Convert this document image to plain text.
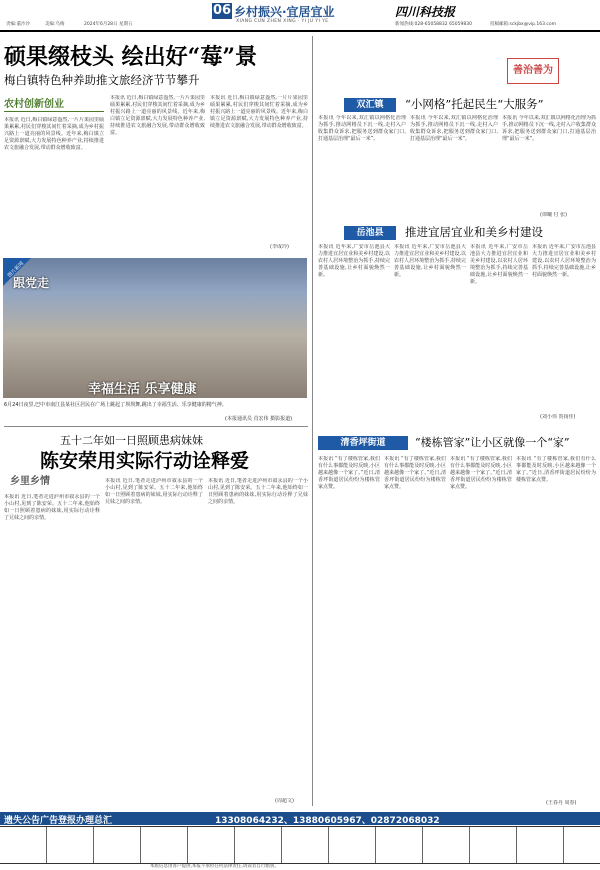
06 乡村振兴·宜居宜业
XIANG CUN ZHEN XING · YI JU YI YE
四川科技报
责编:董沙沙	美编:乌梅	2024年6月28日 星期五	新闻热线:028-65058832 65059830	投稿邮箱:sckjbx@vip.163.com
硕果缀枝头 绘出好“莓”景
梅白镇特色种养助推文旅经济节节攀升
善治善为
农村创新创业
本报讯 近日,梅白镇绿意盎然,一片片果园里硕果累累,村民们穿梭其间忙着采摘,成为乡村振兴路上一道亮丽的风景线。近年来,梅白镇立足资源禀赋,大力发展特色种养产业,持续推进农文旅融合发展,带动群众增收致富。
本报讯 近日,梅白镇绿意盎然,一片片果园里硕果累累,村民们穿梭其间忙着采摘,成为乡村振兴路上一道亮丽的风景线。近年来,梅白镇立足资源禀赋,大力发展特色种养产业,持续推进农文旅融合发展,带动群众增收致富。
本报讯 近日,梅白镇绿意盎然,一片片果园里硕果累累,村民们穿梭其间忙着采摘,成为乡村振兴路上一道亮丽的风景线。近年来,梅白镇立足资源禀赋,大力发展特色种养产业,持续推进农文旅融合发展,带动群众增收致富。
(李成玲)
图片新闻
跟党走
幸福生活 乐享健康
6月24日夜里,巴中市南江县某社区居民在广场上跳起了坝坝舞,跳出了幸福生活、乐享健康的精气神。
(本报通讯员 肖宏伟 摄影报道)
五十二年如一日照顾患病妹妹
陈安荣用实际行动诠释爱
乡里乡情
本报讯 近日,笔者走进泸州市叙永县的一个小山村,见到了陈安荣。五十二年来,他始终如一日照顾着患病的妹妹,用实际行动诠释了兄妹之间的亲情。
本报讯 近日,笔者走进泸州市叙永县的一个小山村,见到了陈安荣。五十二年来,他始终如一日照顾着患病的妹妹,用实际行动诠释了兄妹之间的亲情。
本报讯 近日,笔者走进泸州市叙永县的一个小山村,见到了陈安荣。五十二年来,他始终如一日照顾着患病的妹妹,用实际行动诠释了兄妹之间的亲情。
(周超文)
双汇镇	“小网格”托起民生“大服务”
本报讯 今年以来,双汇镇以网格化治理为抓手,推动网格员下沉一线,走村入户收集群众诉求,把服务送到群众家门口,打通基层治理“最后一米”。
本报讯 今年以来,双汇镇以网格化治理为抓手,推动网格员下沉一线,走村入户收集群众诉求,把服务送到群众家门口,打通基层治理“最后一米”。
本报讯 今年以来,双汇镇以网格化治理为抓手,推动网格员下沉一线,走村入户收集群众诉求,把服务送到群众家门口,打通基层治理“最后一米”。
(谭曦 付 张)
岳池县	推进宜居宜业和美乡村建设
本报讯 近年来,广安市岳池县大力推进宜居宜业和美乡村建设,以农村人居环境整治为抓手,持续完善基础设施,让乡村面貌焕然一新。
本报讯 近年来,广安市岳池县大力推进宜居宜业和美乡村建设,以农村人居环境整治为抓手,持续完善基础设施,让乡村面貌焕然一新。
本报讯 近年来,广安市岳池县大力推进宜居宜业和美乡村建设,以农村人居环境整治为抓手,持续完善基础设施,让乡村面貌焕然一新。
本报讯 近年来,广安市岳池县大力推进宜居宜业和美乡村建设,以农村人居环境整治为抓手,持续完善基础设施,让乡村面貌焕然一新。
(刘小伟 贺扬佳)
清香坪街道	“楼栋管家”让小区就像一个“家”
本报讯 “有了楼栋管家,我们有什么事都能及时反映,小区越来越像一个家了。”近日,清香坪街道居民纷纷为楼栋管家点赞。
本报讯 “有了楼栋管家,我们有什么事都能及时反映,小区越来越像一个家了。”近日,清香坪街道居民纷纷为楼栋管家点赞。
本报讯 “有了楼栋管家,我们有什么事都能及时反映,小区越来越像一个家了。”近日,清香坪街道居民纷纷为楼栋管家点赞。
本报讯 “有了楼栋管家,我们有什么事都能及时反映,小区越来越像一个家了。”近日,清香坪街道居民纷纷为楼栋管家点赞。
(王春丹 周春)
遗失公告广告登报办理总汇	13308064232、13880605967、02872068032
本版信息由客户提供,本报不承担任何法律责任,请读者自行甄别。
